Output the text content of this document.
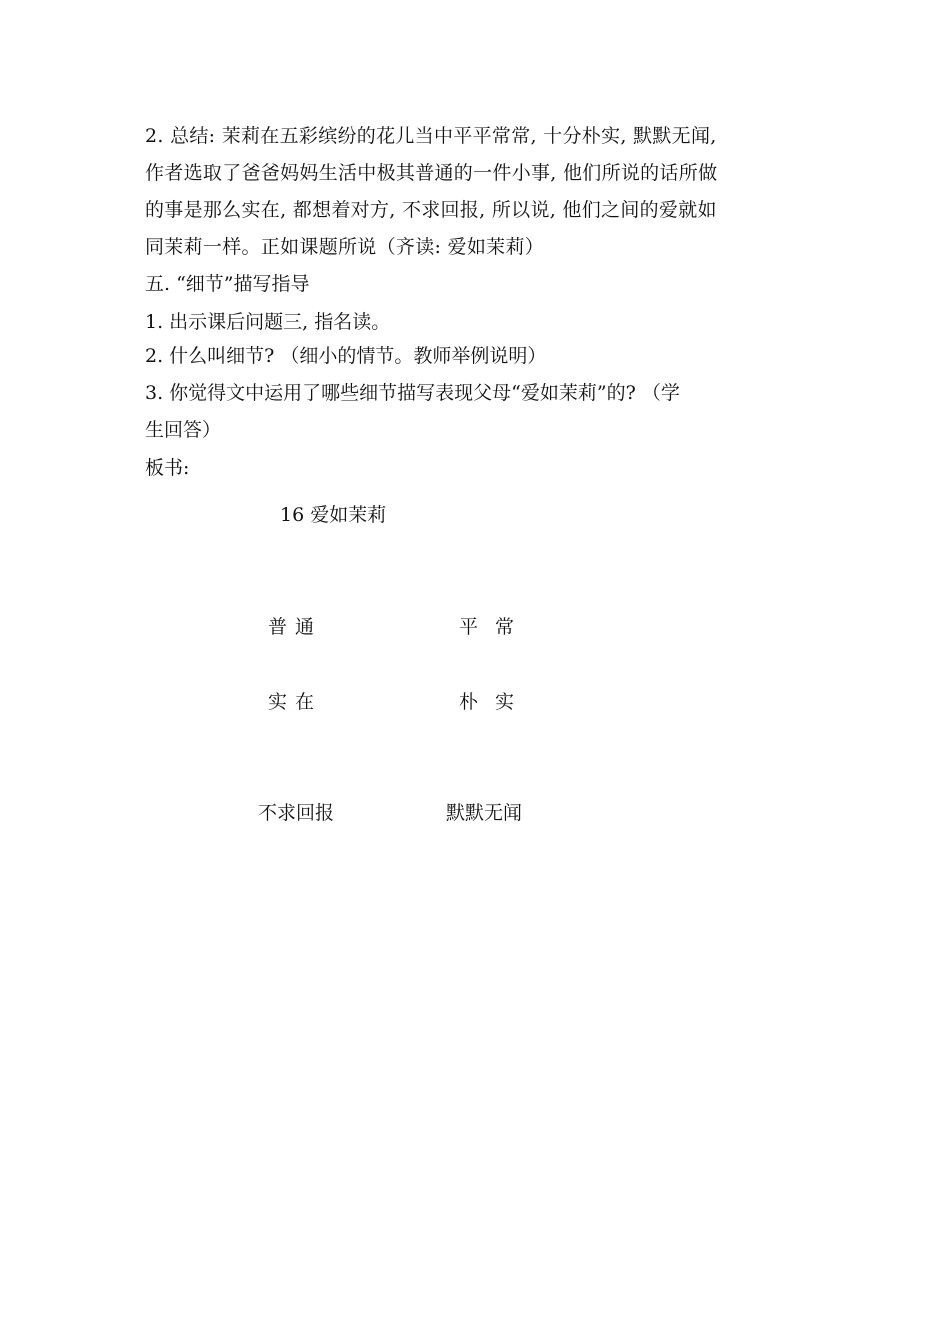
2. 总结: 茉莉在五彩缤纷的花儿当中平平常常, 十分朴实, 默默无闻,
作者选取了爸爸妈妈生活中极其普通的一件小事, 他们所说的话所做
的事是那么实在, 都想着对方, 不求回报, 所以说, 他们之间的爱就如
同茉莉一样。正如课题所说（齐读: 爱如茉莉）
五. “细节”描写指导
1. 出示课后问题三, 指名读。
2. 什么叫细节? （细小的情节。教师举例说明）
3. 你觉得文中运用了哪些细节描写表现父母“爱如茉莉”的? （学
生回答）
板书:
16 爱如茉莉
普通	平常
实在	朴实
不求回报	默默无闻
